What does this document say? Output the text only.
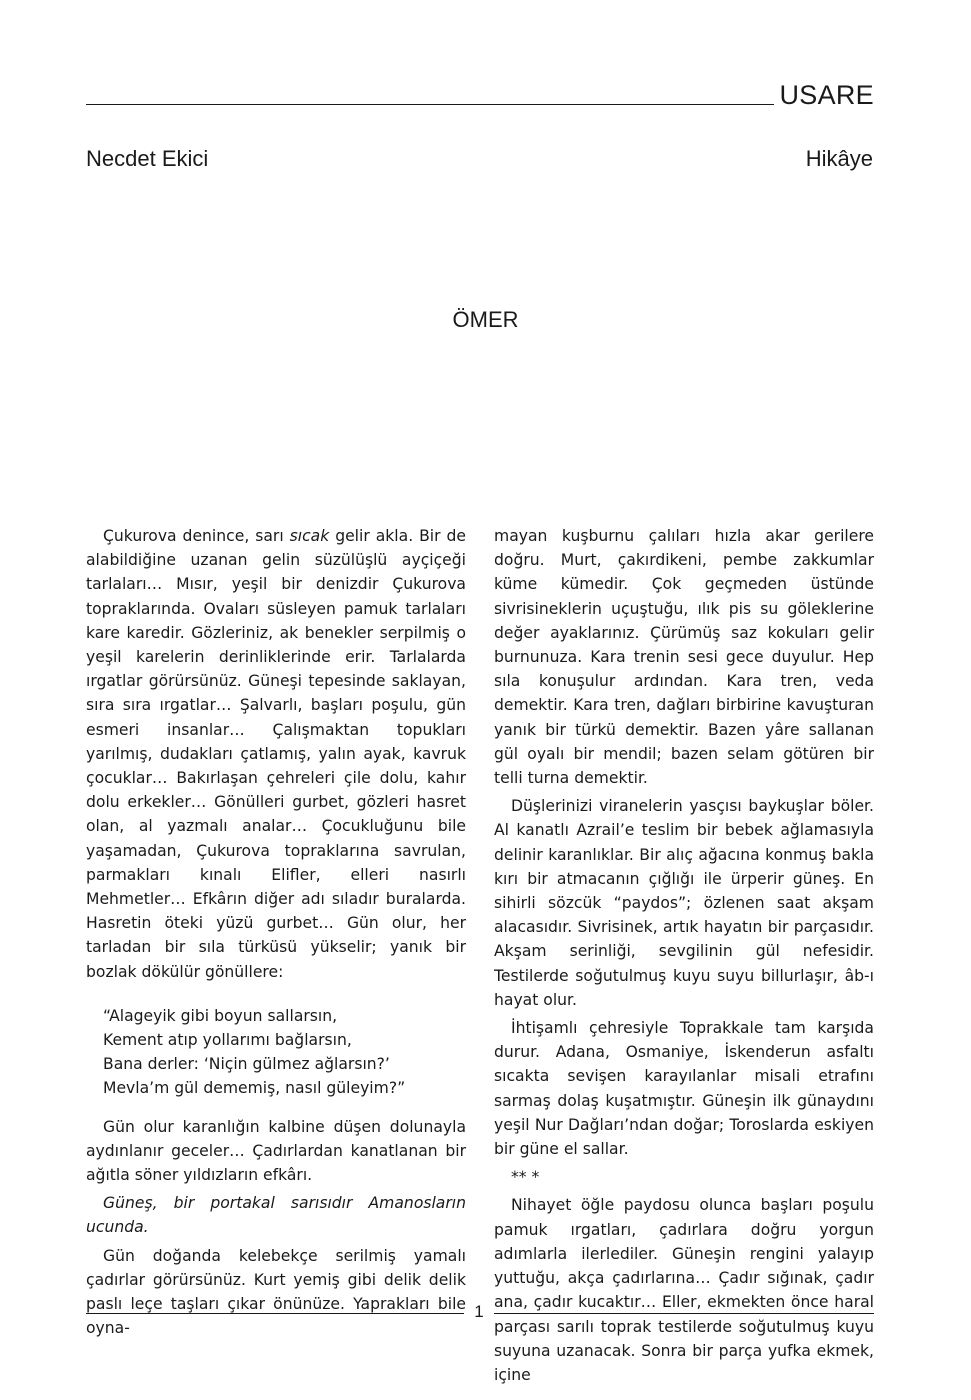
USARE
Necdet Ekici	Hikâye
ÖMER

Çukurova denince, sarı sıcak gelir akla. Bir de alabildiğine uzanan gelin süzülüşlü ayçiçeği tarlaları… Mısır, yeşil bir denizdir Çukurova topraklarında. Ovaları süsleyen pamuk tarlaları kare karedir. Gözleriniz, ak benekler serpilmiş o yeşil karelerin derinliklerinde erir. Tarlalarda ırgatlar görürsünüz. Güneşi tepesinde saklayan, sıra sıra ırgatlar… Şalvarlı, başları poşulu, gün esmeri insanlar… Çalışmaktan topukları yarılmış, dudakları çatlamış, yalın ayak, kavruk çocuklar… Bakırlaşan çehreleri çile dolu, kahır dolu erkekler… Gönülleri gurbet, gözleri hasret olan, al yazmalı analar… Çocukluğunu bile yaşamadan, Çukurova topraklarına savrulan, parmakları kınalı Elifler, elleri nasırlı Mehmetler… Efkârın diğer adı sıladır buralarda. Hasretin öteki yüzü gurbet… Gün olur, her tarladan bir sıla türküsü yükselir; yanık bir bozlak dökülür gönüllere:

“Alageyik gibi boyun sallarsın,
Kement atıp yollarımı bağlarsın,
Bana derler: ‘Niçin gülmez ağlarsın?’
Mevla’m gül dememiş, nasıl güleyim?”

Gün olur karanlığın kalbine düşen dolunayla aydınlanır geceler… Çadırlardan kanatlanan bir ağıtla söner yıldızların efkârı.

Güneş, bir portakal sarısıdır Amanosların ucunda.

Gün doğanda kelebekçe serilmiş yamalı çadırlar görürsünüz. Kurt yemiş gibi delik delik paslı leçe taşları çıkar önünüze. Yaprakları bile oyna-

mayan kuşburnu çalıları hızla akar gerilere doğru. Murt, çakırdikeni, pembe zakkumlar küme kümedir. Çok geçmeden üstünde sivrisineklerin uçuştuğu, ılık pis su göleklerine değer ayaklarınız. Çürümüş saz kokuları gelir burnunuza. Kara trenin sesi gece duyulur. Hep sıla konuşulur ardından. Kara tren, veda demektir. Kara tren, dağları birbirine kavuşturan yanık bir türkü demektir. Bazen yâre sallanan gül oyalı bir mendil; bazen selam götüren bir telli turna demektir.

Düşlerinizi viranelerin yasçısı baykuşlar böler. Al kanatlı Azrail’e teslim bir bebek ağlamasıyla delinir karanlıklar. Bir alıç ağacına konmuş bakla kırı bir atmacanın çığlığı ile ürperir güneş. En sihirli sözcük “paydos”; özlenen saat akşam alacasıdır. Sivrisinek, artık hayatın bir parçasıdır. Akşam serinliği, sevgilinin gül nefesidir. Testilerde soğutulmuş kuyu suyu billurlaşır, âb-ı hayat olur.

İhtişamlı çehresiyle Toprakkale tam karşıda durur. Adana, Osmaniye, İskenderun asfaltı sıcakta sevişen karayılanlar misali etrafını sarmaş dolaş kuşatmıştır. Güneşin ilk günaydını yeşil Nur Dağları’ndan doğar; Toroslarda eskiyen bir güne el sallar.

** *

Nihayet öğle paydosu olunca başları poşulu pamuk ırgatları, çadırlara doğru yorgun adımlarla ilerlediler. Güneşin rengini yalayıp yuttuğu, akça çadırlarına… Çadır sığınak, çadır ana, çadır kucaktır… Eller, ekmekten önce haral parçası sarılı toprak testilerde soğutulmuş kuyu suyuna uzanacak. Sonra bir parça yufka ekmek, içine

1
